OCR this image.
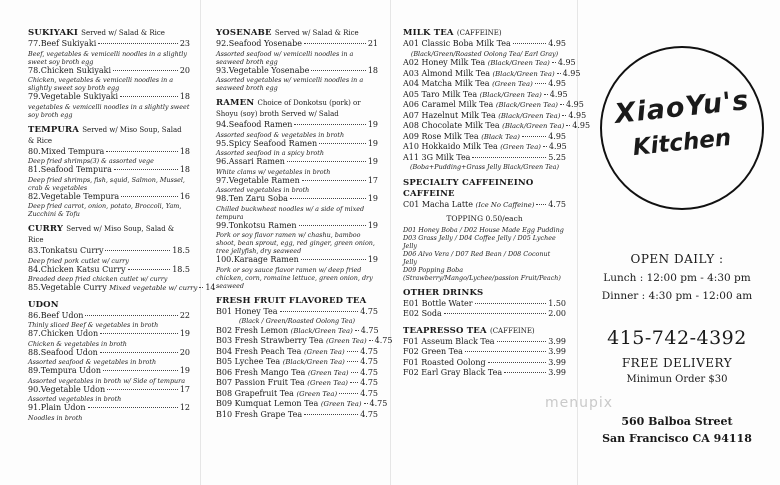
SUKIYAKI Served w/ Salad & Rice
77.Beef Sukiyaki	23
Beef, vegetables & vemicelli noodles in a slightly sweet soy broth egg
78.Chicken Sukiyaki	20
Chicken, vegetables & vemicelli noodles in a slightly sweet soy broth egg
79.Vegetable Sukiyaki	18
vegetables & vemicelli noodles in a slightly sweet soy broth egg
TEMPURA Served w/ Miso Soup, Salad & Rice
80.Mixed Tempura	18
Deep fried shrimps(3) & assorted vege
81.Seafood Tempura	18
Deep fried shrimps, fish, squid, Salmon, Mussel, crab & vegetables
82.Vegetable Tempura	16
Deep fried carrot, onion, potato, Broccoli, Yam, Zucchini & Tofu
CURRY Served w/ Miso Soup, Salad & Rice
83.Tonkatsu Curry	18.5
Deep fried pork cutlet w/ curry
84.Chicken Katsu Curry	18.5
Breaded deep fried chicken cutlet w/ curry
85.Vegetable Curry Mixed vegetable w/ curry 14
UDON
86.Beef Udon	22
Thinly sliced Beef & vegetables in broth
87.Chicken Udon	19
Chicken & vegetables in broth
88.Seafood Udon	20
Assorted seafood & vegetables in broth
89.Tempura Udon	19
Assorted vegetables in broth w/ Side of tempura
90.Vegetable Udon	17
Assorted vegetables in broth
91.Plain Udon	12
Noodles in broth
YOSENABE Served w/ Salad & Rice
92.Seafood Yosenabe	21
Assorted seafood w/ vemicelli noodles in a seaweed broth egg
93.Vegetable Yosenabe	18
Assorted vegetables w/ vemicelli noodles in a seaweed broth egg
RAMEN Choice of Donkotsu (pork) or Shoyu (soy) broth Served w/ Salad
94.Seafood Ramen	19
Assorted seafood & vegetables in broth
95.Spicy Seafood Ramen	19
Assorted seafood in a spicy broth
96.Assari Ramen	19
White clams w/ vegetables in broth
97.Vegetable Ramen	17
Assorted vegetables in broth
98.Ten Zaru Soba	19
Chilled buckwheat noodles w/ a side of mixed tempura
99.Tonkotsu Ramen	19
Pork or soy flavor ramen w/ chashu, bamboo shoot, bean sprout, egg, red ginger, green onion, tree jellyfish, dry seaweed
100.Karaage Ramen	19
Pork or soy sauce flavor ramen w/ deep fried chicken, corn, romaine lettuce, green onion, dry seaweed
FRESH FRUIT FLAVORED TEA
B01 Honey Tea	4.75
(Black / Green/Roasted Oolong Tea)
B02 Fresh Lemon (Black/Green Tea) 4.75
B03 Fresh Strawberry Tea (Green Tea) 4.75
B04 Fresh Peach Tea (Green Tea) 4.75
B05 Lychee Tea (Black/Green Tea) 4.75
B06 Fresh Mango Tea (Green Tea) 4.75
B07 Passion Fruit Tea (Green Tea) 4.75
B08 Grapefruit Tea (Green Tea)	4.75
B09 Kumquat Lemon Tea (Green Tea) 4.75
B10 Fresh Grape Tea	4.75
MILK TEA (CAFFEINE)
A01 Classic Boba Milk Tea	4.95
(Black/Green/Roasted Oolong Tea/ Earl Gray)
A02 Honey Milk Tea (Black/Green Tea) 4.95
A03 Almond Milk Tea (Black/Green Tea) 4.95
A04 Matcha Milk Tea (Green Tea) 4.95
A05 Taro Milk Tea (Black/Green Tea) 4.95
A06 Caramel Milk Tea (Black/Green Tea) 4.95
A07 Hazelnut Milk Tea (Black/Green Tea) 4.95
A08 Chocolate Milk Tea (Black/Green Tea) 4.95
A09 Rose Milk Tea (Black Tea)	4.95
A10 Hokkaido Milk Tea (Green Tea) 4.95
A11 3G Milk Tea	5.25
(Boba+Pudding+Grass Jelly Black/Green Tea)
SPECIALTY CAFFEINEINO CAFFEINE
C01 Macha Latte (Ice No Caffeine) 4.75
TOPPING 0.50/each
D01 Honey Boba / D02 House Made Egg Pudding
D03 Grass Jelly / D04 Coffee Jelly / D05 Lychee Jelly
D06 Alvo Vera / D07 Red Bean / D08 Coconut Jelly
D09 Popping Boba
(Strawberry/Mango/Lychee/passion Fruit/Peach)
OTHER DRINKS
E01 Bottle Water	1.50
E02 Soda	2.00
TEAPRESSO TEA (CAFFEINE)
F01 Asseum Black Tea	3.99
F02 Green Tea	3.99
F01 Roasted Oolong	3.99
F02 Earl Gray Black Tea	3.99
XiaoYu's
Kitchen
OPEN DAILY :
Lunch : 12:00 pm - 4:30 pm
Dinner : 4:30 pm - 12:00 am
415-742-4392
FREE DELIVERY
Minimun Order $30
560 Balboa Street
San Francisco CA 94118
menupix
